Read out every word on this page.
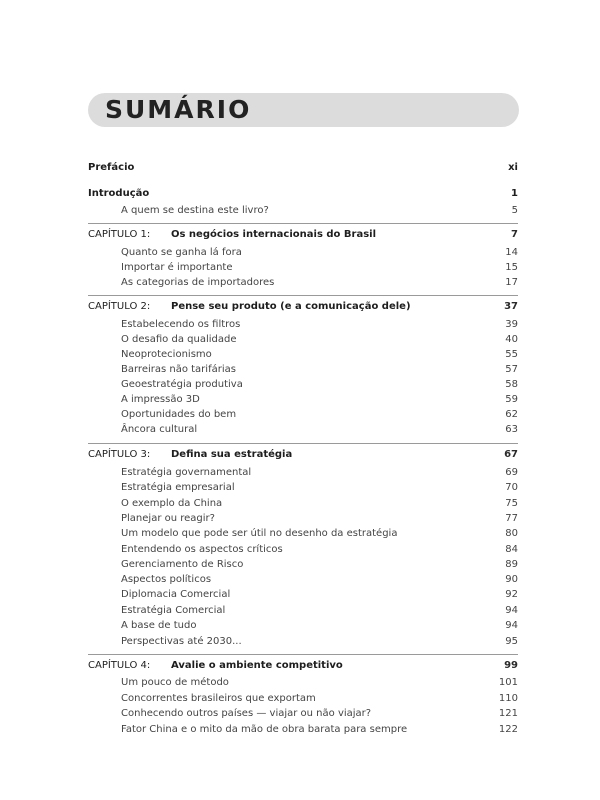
SUMÁRIO
Prefácio	xi
Introdução	1
A quem se destina este livro?	5
CAPÍTULO 1: Os negócios internacionais do Brasil	7
Quanto se ganha lá fora	14
Importar é importante	15
As categorias de importadores	17
CAPÍTULO 2: Pense seu produto (e a comunicação dele)	37
Estabelecendo os filtros	39
O desafio da qualidade	40
Neoprotecionismo	55
Barreiras não tarifárias	57
Geoestratégia produtiva	58
A impressão 3D	59
Oportunidades do bem	62
Âncora cultural	63
CAPÍTULO 3: Defina sua estratégia	67
Estratégia governamental	69
Estratégia empresarial	70
O exemplo da China	75
Planejar ou reagir?	77
Um modelo que pode ser útil no desenho da estratégia	80
Entendendo os aspectos críticos	84
Gerenciamento de Risco	89
Aspectos políticos	90
Diplomacia Comercial	92
Estratégia Comercial	94
A base de tudo	94
Perspectivas até 2030...	95
CAPÍTULO 4: Avalie o ambiente competitivo	99
Um pouco de método	101
Concorrentes brasileiros que exportam	110
Conhecendo outros países — viajar ou não viajar?	121
Fator China e o mito da mão de obra barata para sempre	122
